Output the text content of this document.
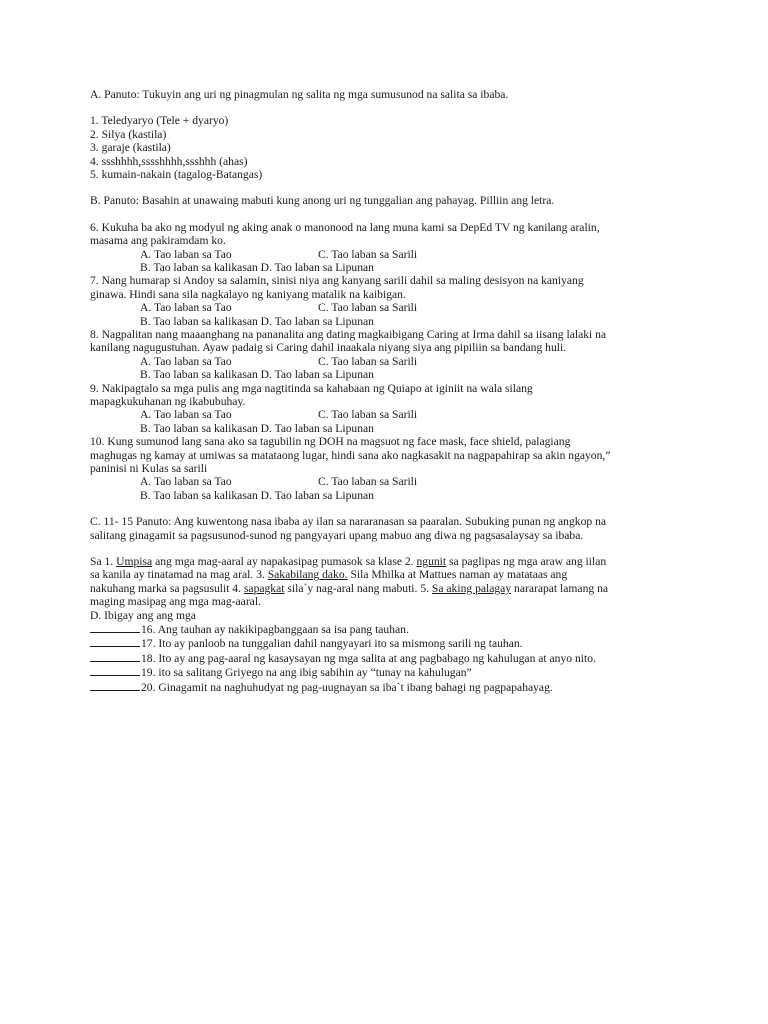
A. Panuto: Tukuyin ang uri ng pinagmulan ng salita ng mga sumusunod na salita sa ibaba.
1. Teledyaryo (Tele + dyaryo)
2. Silya (kastila)
3. garaje (kastila)
4. ssshhhh,sssshhhh,ssshhh (ahas)
5. kumain-nakain (tagalog-Batangas)
B. Panuto: Basahin at unawaing mabuti kung anong uri ng tunggalian ang pahayag. Pilliin ang letra.
6. Kukuha ba ako ng modyul ng aking anak o manonood na lang muna kami sa DepEd TV ng kanilang aralin,
masama ang pakiramdam ko.
A. Tao laban sa Tao	C. Tao laban sa Sarili
B. Tao laban sa kalikasan D. Tao laban sa Lipunan
7. Nang humarap si Andoy sa salamin, sinisi niya ang kanyang sarili dahil sa maling desisyon na kaniyang
ginawa. Hindi sana sila nagkalayo ng kaniyang matalik na kaibigan.
A. Tao laban sa Tao	C. Tao laban sa Sarili
B. Tao laban sa kalikasan D. Tao laban sa Lipunan
8. Nagpalitan nang maaanghang na pananalita ang dating magkaibigang Caring at Irma dahil sa iisang lalaki na
kanilang nagugustuhan. Ayaw padaig si Caring dahil inaakala niyang siya ang pipiliin sa bandang huli.
A. Tao laban sa Tao	C. Tao laban sa Sarili
B. Tao laban sa kalikasan D. Tao laban sa Lipunan
9. Nakipagtalo sa mga pulis ang mga nagtitinda sa kahabaan ng Quiapo at iginiit na wala silang
mapagkukuhanan ng ikabubuhay.
A. Tao laban sa Tao	C. Tao laban sa Sarili
B. Tao laban sa kalikasan D. Tao laban sa Lipunan
10. Kung sumunod lang sana ako sa tagubilin ng DOH na magsuot ng face mask, face shield, palagiang
maghugas ng kamay at umiwas sa matataong lugar, hindi sana ako nagkasakit na nagpapahirap sa akin ngayon,”
paninisi ni Kulas sa sarili
A. Tao laban sa Tao	C. Tao laban sa Sarili
B. Tao laban sa kalikasan D. Tao laban sa Lipunan
C. 11- 15 Panuto: Ang kuwentong nasa ibaba ay ilan sa nararanasan sa paaralan. Subuking punan ng angkop na
salitang ginagamit sa pagsusunod-sunod ng pangyayari upang mabuo ang diwa ng pagsasalaysay sa ibaba.
Sa 1. Umpisa ang mga mag-aaral ay napakasipag pumasok sa klase 2. ngunit sa paglipas ng mga araw ang iilan
sa kanila ay tinatamad na mag aral. 3. Sakabilang dako. Sila Mhilka at Mattues naman ay matataas ang
nakuhang marka sa pagsusulit 4. sapagkat sila`y nag-aral nang mabuti. 5. Sa aking palagay nararapat lamang na
maging masipag ang mga mag-aaral.
D. Ibigay ang ang mga
16. Ang tauhan ay nakikipagbanggaan sa isa pang tauhan.
17. Ito ay panloob na tunggalian dahil nangyayari ito sa mismong sarili ng tauhan.
18. Ito ay ang pag-aaral ng kasaysayan ng mga salita at ang pagbabago ng kahulugan at anyo nito.
19. ito sa salitang Griyego na ang ibig sabihin ay “tunay na kahulugan”
20. Ginagamit na naghuhudyat ng pag-uugnayan sa iba`t ibang bahagi ng pagpapahayag.
